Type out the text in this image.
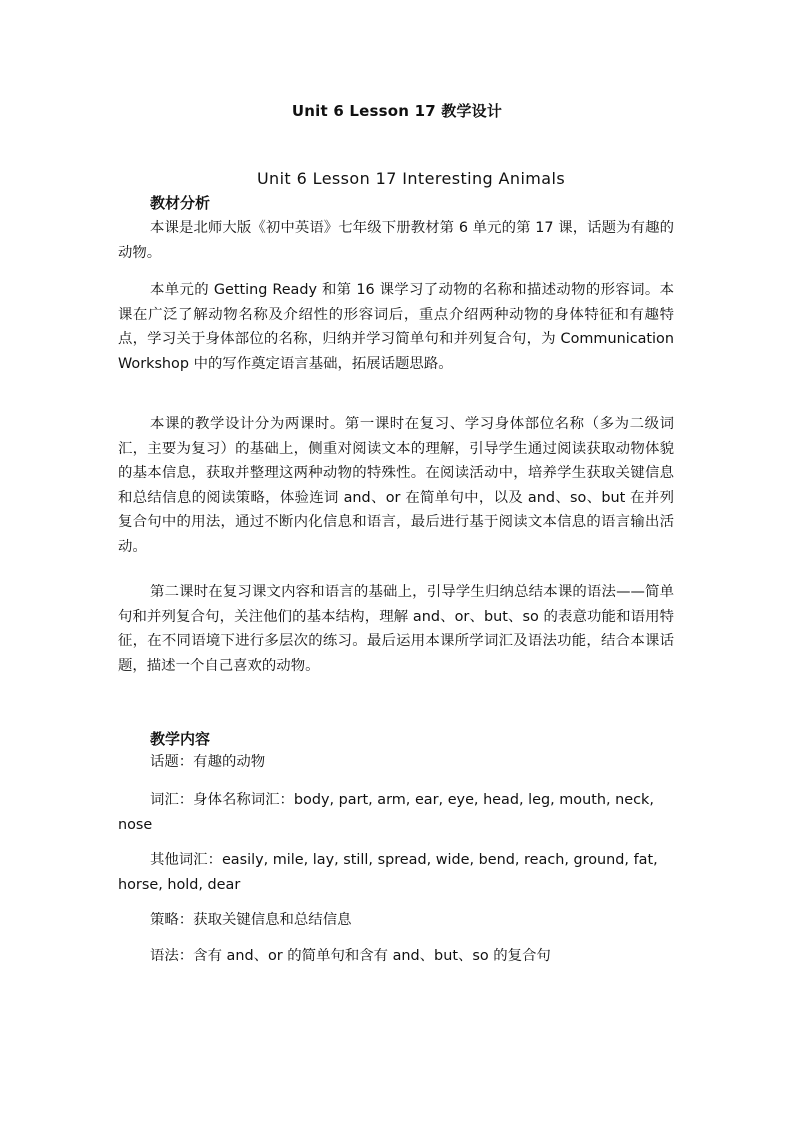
Unit 6 Lesson 17 教学设计
Unit 6 Lesson 17 Interesting Animals
教材分析

本课是北师大版《初中英语》七年级下册教材第 6 单元的第 17 课，话题为有趣的动物。

本单元的 Getting Ready 和第 16 课学习了动物的名称和描述动物的形容词。本课在广泛了解动物名称及介绍性的形容词后，重点介绍两种动物的身体特征和有趣特点，学习关于身体部位的名称，归纳并学习简单句和并列复合句，为 Communication Workshop 中的写作奠定语言基础，拓展话题思路。

本课的教学设计分为两课时。第一课时在复习、学习身体部位名称（多为二级词汇，主要为复习）的基础上，侧重对阅读文本的理解，引导学生通过阅读获取动物体貌的基本信息，获取并整理这两种动物的特殊性。在阅读活动中，培养学生获取关键信息和总结信息的阅读策略，体验连词 and、or 在简单句中，以及 and、so、but 在并列复合句中的用法，通过不断内化信息和语言，最后进行基于阅读文本信息的语言输出活动。

第二课时在复习课文内容和语言的基础上，引导学生归纳总结本课的语法——简单句和并列复合句，关注他们的基本结构，理解 and、or、but、so 的表意功能和语用特征，在不同语境下进行多层次的练习。最后运用本课所学词汇及语法功能，结合本课话题，描述一个自己喜欢的动物。

教学内容

话题：有趣的动物

词汇：身体名称词汇：body, part, arm, ear, eye, head, leg, mouth, neck, nose

其他词汇：easily, mile, lay, still, spread, wide, bend, reach, ground, fat, horse, hold, dear

策略：获取关键信息和总结信息

语法：含有 and、or 的简单句和含有 and、but、so 的复合句
